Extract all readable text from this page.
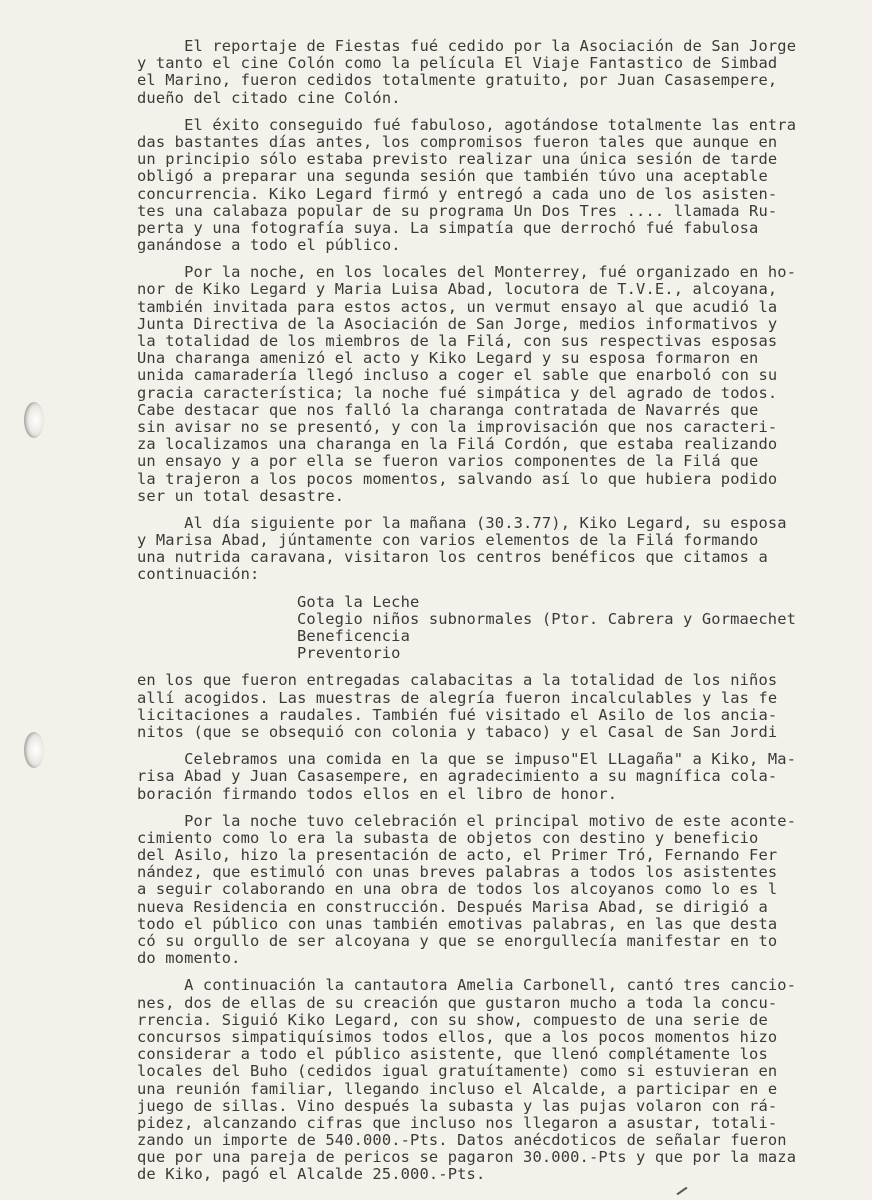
El reportaje de Fiestas fué cedido por la Asociación de San Jorge
y tanto el cine Colón como la película El Viaje Fantastico de Simbad
el Marino, fueron cedidos totalmente gratuito, por Juan Casasempere,
dueño del citado cine Colón.
El éxito conseguido fué fabuloso, agotándose totalmente las entra
das bastantes días antes, los compromisos fueron tales que aunque en
un principio sólo estaba previsto realizar una única sesión de tarde
obligó a preparar una segunda sesión que también túvo una aceptable
concurrencia. Kiko Legard firmó y entregó a cada uno de los asisten-
tes una calabaza popular de su programa Un Dos Tres .... llamada Ru-
perta y una fotografía suya. La simpatía que derrochó fué fabulosa
ganándose a todo el público.
Por la noche, en los locales del Monterrey, fué organizado en ho-
nor de Kiko Legard y Maria Luisa Abad, locutora de T.V.E., alcoyana,
también invitada para estos actos, un vermut ensayo al que acudió la
Junta Directiva de la Asociación de San Jorge, medios informativos y
la totalidad de los miembros de la Filá, con sus respectivas esposas
Una charanga amenizó el acto y Kiko Legard y su esposa formaron en
unida camaradería llegó incluso a coger el sable que enarboló con su
gracia característica; la noche fué simpática y del agrado de todos.
Cabe destacar que nos falló la charanga contratada de Navarrés que
sin avisar no se presentó, y con la improvisación que nos caracteri-
za localizamos una charanga en la Filá Cordón, que estaba realizando
un ensayo y a por ella se fueron varios componentes de la Filá que
la trajeron a los pocos momentos, salvando así lo que hubiera podido
ser un total desastre.
Al día siguiente por la mañana (30.3.77), Kiko Legard, su esposa
y Marisa Abad, júntamente con varios elementos de la Filá formando
una nutrida caravana, visitaron los centros benéficos que citamos a
continuación:
Gota la Leche
Colegio niños subnormales (Ptor. Cabrera y Gormaechet
Beneficencia
Preventorio
en los que fueron entregadas calabacitas a la totalidad de los niños
allí acogidos. Las muestras de alegría fueron incalculables y las fe
licitaciones a raudales. También fué visitado el Asilo de los ancia-
nitos (que se obsequió con colonia y tabaco) y el Casal de San Jordi
Celebramos una comida en la que se impuso"El LLagaña" a Kiko, Ma-
risa Abad y Juan Casasempere, en agradecimiento a su magnífica cola-
boración firmando todos ellos en el libro de honor.
Por la noche tuvo celebración el principal motivo de este aconte-
cimiento como lo era la subasta de objetos con destino y beneficio
del Asilo, hizo la presentación de acto, el Primer Tró, Fernando Fer
nández, que estimuló con unas breves palabras a todos los asistentes
a seguir colaborando en una obra de todos los alcoyanos como lo es l
nueva Residencia en construcción. Después Marisa Abad, se dirigió a
todo el público con unas también emotivas palabras, en las que desta
có su orgullo de ser alcoyana y que se enorgullecía manifestar en to
do momento.
A continuación la cantautora Amelia Carbonell, cantó tres cancio-
nes, dos de ellas de su creación que gustaron mucho a toda la concu-
rrencia. Siguió Kiko Legard, con su show, compuesto de una serie de
concursos simpatiquísimos todos ellos, que a los pocos momentos hizo
considerar a todo el público asistente, que llenó complétamente los
locales del Buho (cedidos igual gratuítamente) como si estuvieran en
una reunión familiar, llegando incluso el Alcalde, a participar en e
juego de sillas. Vino después la subasta y las pujas volaron con rá-
pidez, alcanzando cifras que incluso nos llegaron a asustar, totali-
zando un importe de 540.000.-Pts. Datos anécdoticos de señalar fueron
que por una pareja de pericos se pagaron 30.000.-Pts y que por la maza
de Kiko, pagó el Alcalde 25.000.-Pts.
